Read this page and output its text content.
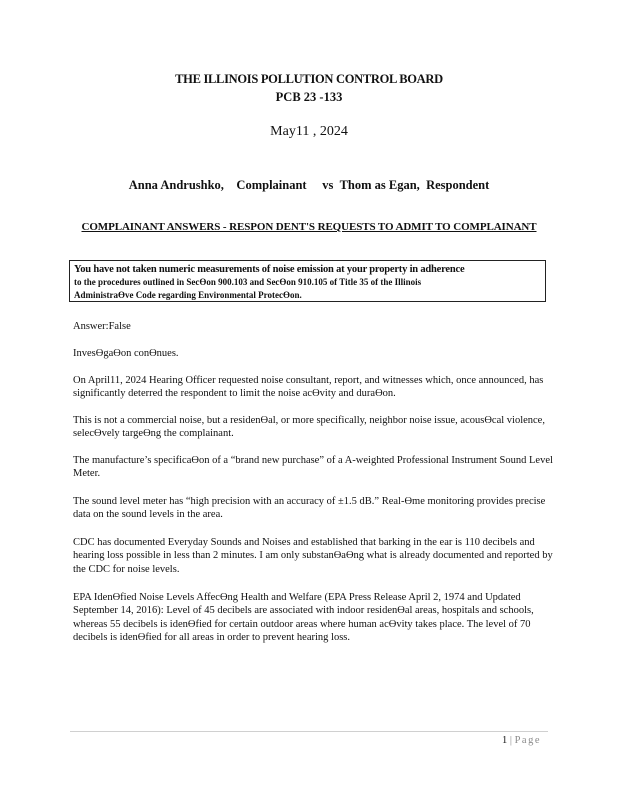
THE ILLINOIS POLLUTION CONTROL BOARD
PCB 23 -133
May11 , 2024
Anna Andrushko, Complainant vs Thom as Egan, Respondent
COMPLAINANT ANSWERS - RESPON DENT'S REQUESTS TO ADMIT TO COMPLAINANT
You have not taken numeric measurements of noise emission at your property in adherence
to the procedures outlined in SecƟon 900.103 and SecƟon 910.105 of Title 35 of the Illinois
AdministraƟve Code regarding Environmental ProtecƟon.
Answer:False
InvesƟgaƟon conƟnues.
On April11, 2024 Hearing Officer requested noise consultant, report, and witnesses which, once announced, has significantly deterred the respondent to limit the noise acƟvity and duraƟon.
This is not a commercial noise, but a residenƟal, or more specifically, neighbor noise issue, acousƟcal violence, selecƟvely targeƟng the complainant.
The manufacture’s specificaƟon of a “brand new purchase” of a A-weighted Professional Instrument Sound Level Meter.
The sound level meter has “high precision with an accuracy of ±1.5 dB.” Real-Ɵme monitoring provides precise data on the sound levels in the area.
CDC has documented Everyday Sounds and Noises and established that barking in the ear is 110 decibels and hearing loss possible in less than 2 minutes. I am only substanƟaƟng what is already documented and reported by the CDC for noise levels.
EPA IdenƟfied Noise Levels AffecƟng Health and Welfare (EPA Press Release April 2, 1974 and Updated September 14, 2016): Level of 45 decibels are associated with indoor residenƟal areas, hospitals and schools, whereas 55 decibels is idenƟfied for certain outdoor areas where human acƟvity takes place. The level of 70 decibels is idenƟfied for all areas in order to prevent hearing loss.
1 | Page
